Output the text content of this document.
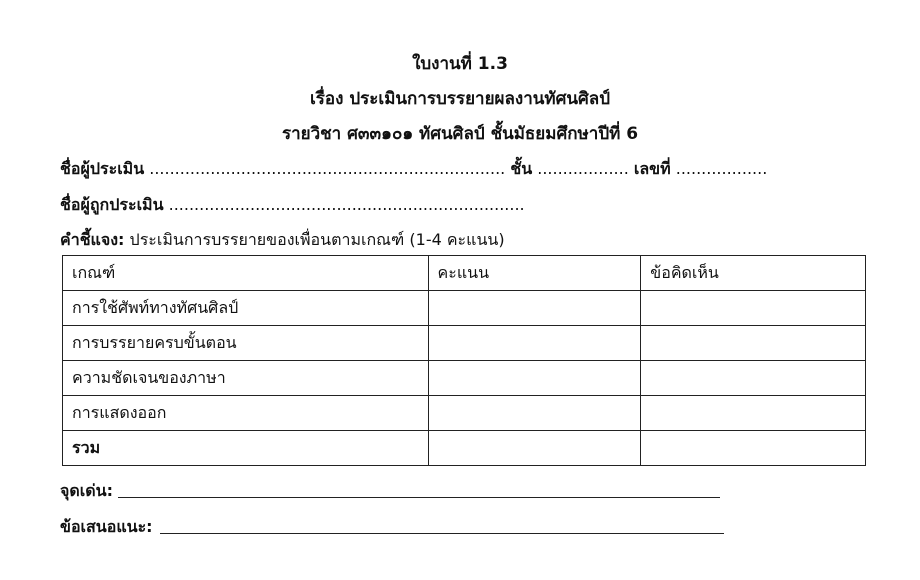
ใบงานที่ 1.3
เรื่อง ประเมินการบรรยายผลงานทัศนศิลป์
รายวิชา ศ๓๓๑๐๑ ทัศนศิลป์ ชั้นมัธยมศึกษาปีที่ 6
ชื่อผู้ประเมิน ...................................................................... ชั้น .................. เลขที่ ..................
ชื่อผู้ถูกประเมิน ......................................................................
คำชี้แจง: ประเมินการบรรยายของเพื่อนตามเกณฑ์ (1-4 คะแนน)
เกณฑ์	คะแนน	ข้อคิดเห็น
การใช้ศัพท์ทางทัศนศิลป์		
การบรรยายครบขั้นตอน		
ความชัดเจนของภาษา		
การแสดงออก		
รวม		
จุดเด่น:
ข้อเสนอแนะ:
